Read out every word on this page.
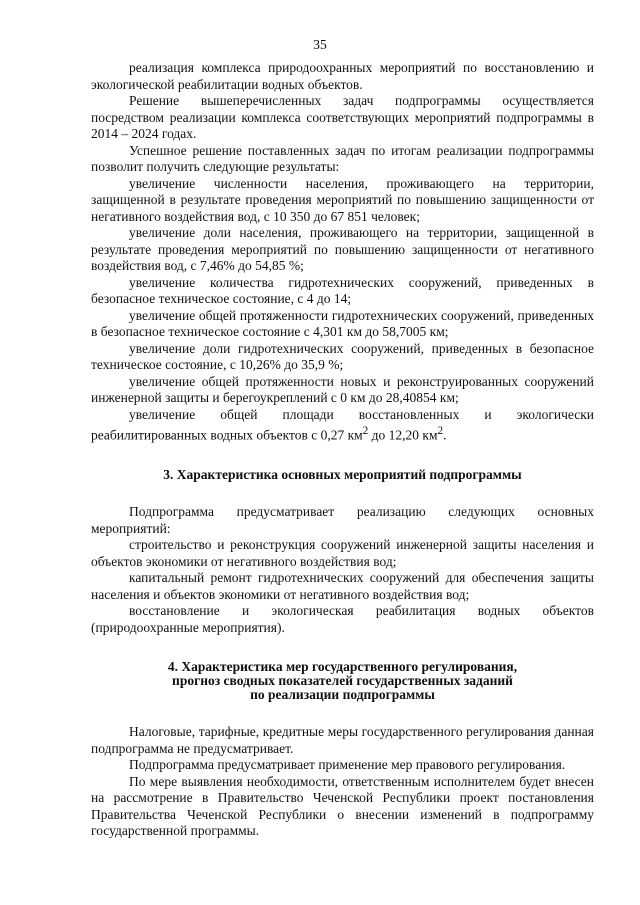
35

реализация комплекса природоохранных мероприятий по восстановлению и экологической реабилитации водных объектов.

Решение вышеперечисленных задач подпрограммы осуществляется посредством реализации комплекса соответствующих мероприятий подпрограммы в 2014 – 2024 годах.

Успешное решение поставленных задач по итогам реализации подпрограммы позволит получить следующие результаты:

увеличение численности населения, проживающего на территории, защищенной в результате проведения мероприятий по повышению защищенности от негативного воздействия вод, с 10 350 до 67 851 человек;

увеличение доли населения, проживающего на территории, защищенной в результате проведения мероприятий по повышению защищенности от негативного воздействия вод, с 7,46% до 54,85 %;

увеличение количества гидротехнических сооружений, приведенных в безопасное техническое состояние, с 4 до 14;

увеличение общей протяженности гидротехнических сооружений, приведенных в безопасное техническое состояние с 4,301 км до 58,7005 км;

увеличение доли гидротехнических сооружений, приведенных в безопасное техническое состояние, с 10,26% до 35,9 %;

увеличение общей протяженности новых и реконструированных сооружений инженерной защиты и берегоукреплений с 0 км до 28,40854 км;

увеличение общей площади восстановленных и экологически реабилитированных водных объектов с 0,27 $км^2$ до 12,20 $км^2$.

3. Характеристика основных мероприятий подпрограммы

Подпрограмма предусматривает реализацию следующих основных мероприятий:

строительство и реконструкция сооружений инженерной защиты населения и объектов экономики от негативного воздействия вод;

капитальный ремонт гидротехнических сооружений для обеспечения защиты населения и объектов экономики от негативного воздействия вод;

восстановление и экологическая реабилитация водных объектов (природоохранные мероприятия).

4. Характеристика мер государственного регулирования,

прогноз сводных показателей государственных заданий

по реализации подпрограммы

Налоговые, тарифные, кредитные меры государственного регулирования данная подпрограмма не предусматривает.

Подпрограмма предусматривает применение мер правового регулирования.

По мере выявления необходимости, ответственным исполнителем будет внесен на рассмотрение в Правительство Чеченской Республики проект постановления Правительства Чеченской Республики о внесении изменений в подпрограмму государственной программы.
